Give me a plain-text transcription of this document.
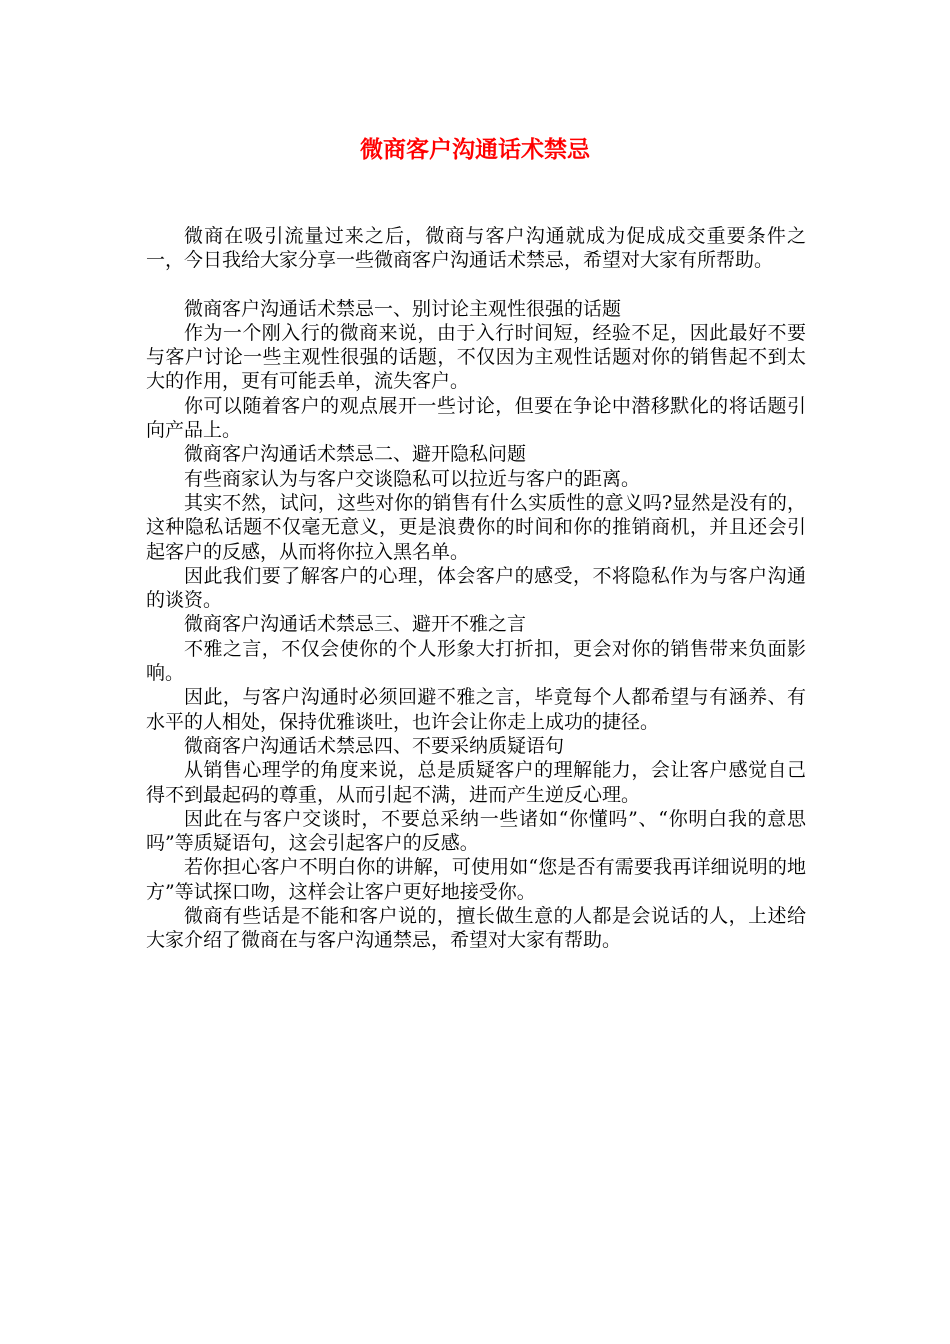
微商客户沟通话术禁忌

微商在吸引流量过来之后，微商与客户沟通就成为促成成交重要条件之一，今日我给大家分享一些微商客户沟通话术禁忌，希望对大家有所帮助。

微商客户沟通话术禁忌一、别讨论主观性很强的话题

作为一个刚入行的微商来说，由于入行时间短，经验不足，因此最好不要与客户讨论一些主观性很强的话题，不仅因为主观性话题对你的销售起不到太大的作用，更有可能丢单，流失客户。

你可以随着客户的观点展开一些讨论，但要在争论中潜移默化的将话题引向产品上。

微商客户沟通话术禁忌二、避开隐私问题

有些商家认为与客户交谈隐私可以拉近与客户的距离。

其实不然，试问，这些对你的销售有什么实质性的意义吗?显然是没有的，这种隐私话题不仅毫无意义，更是浪费你的时间和你的推销商机，并且还会引起客户的反感，从而将你拉入黑名单。

因此我们要了解客户的心理，体会客户的感受，不将隐私作为与客户沟通的谈资。

微商客户沟通话术禁忌三、避开不雅之言

不雅之言，不仅会使你的个人形象大打折扣，更会对你的销售带来负面影响。

因此，与客户沟通时必须回避不雅之言，毕竟每个人都希望与有涵养、有水平的人相处，保持优雅谈吐，也许会让你走上成功的捷径。

微商客户沟通话术禁忌四、不要采纳质疑语句

从销售心理学的角度来说，总是质疑客户的理解能力，会让客户感觉自己得不到最起码的尊重，从而引起不满，进而产生逆反心理。

因此在与客户交谈时，不要总采纳一些诸如“你懂吗”、“你明白我的意思吗”等质疑语句，这会引起客户的反感。

若你担心客户不明白你的讲解，可使用如“您是否有需要我再详细说明的地方”等试探口吻，这样会让客户更好地接受你。

微商有些话是不能和客户说的，擅长做生意的人都是会说话的人，上述给大家介绍了微商在与客户沟通禁忌，希望对大家有帮助。
